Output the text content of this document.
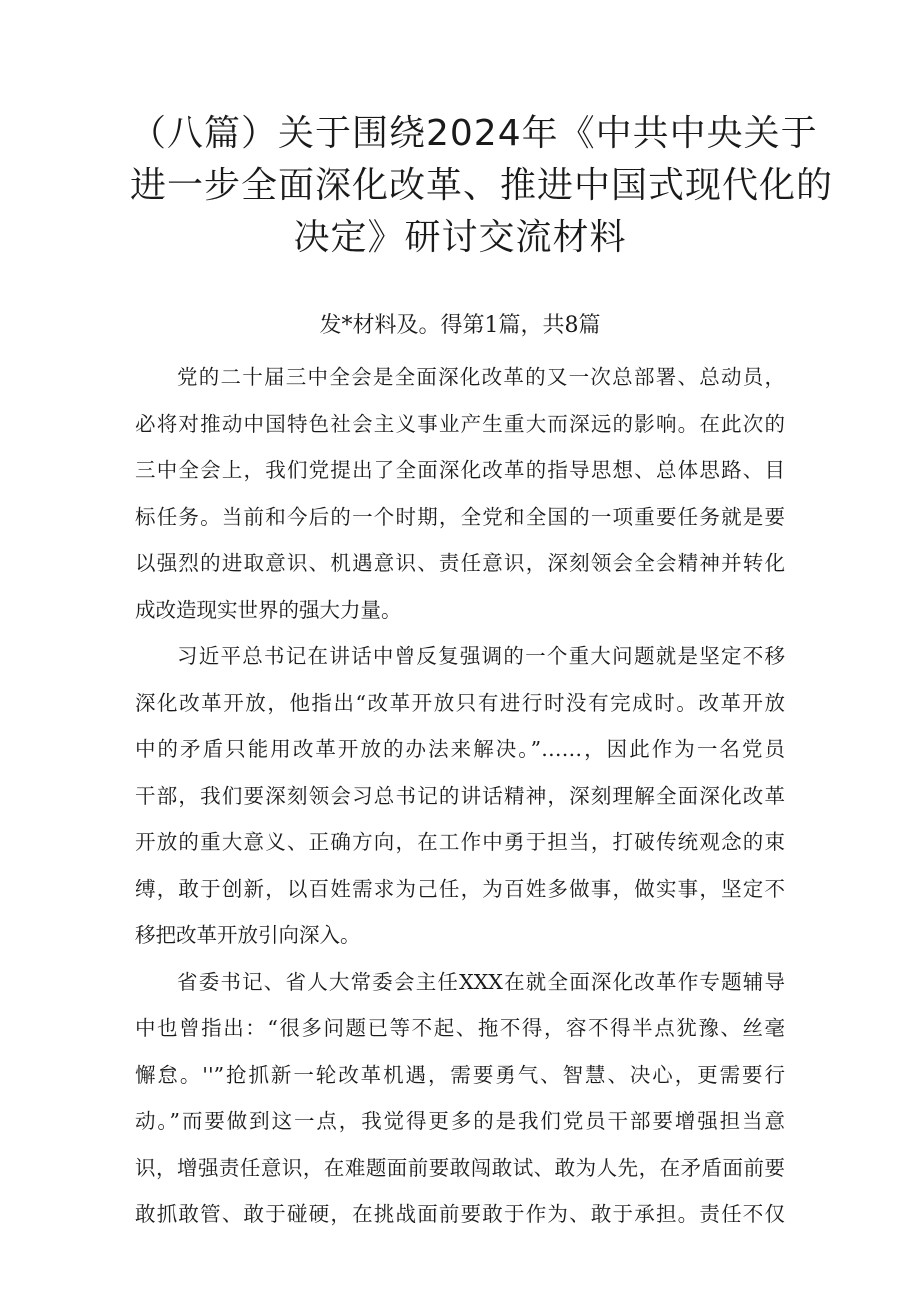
（八篇）关于围绕2024年《中共中央关于
进一步全面深化改革、推进中国式现代化的
决定》研讨交流材料
发*材料及。得第1篇，共8篇

党的二十届三中全会是全面深化改革的又一次总部署、总动员，
必将对推动中国特色社会主义事业产生重大而深远的影响。在此次的
三中全会上，我们党提出了全面深化改革的指导思想、总体思路、目
标任务。当前和今后的一个时期，全党和全国的一项重要任务就是要
以强烈的进取意识、机遇意识、责任意识，深刻领会全会精神并转化
成改造现实世界的强大力量。

习近平总书记在讲话中曾反复强调的一个重大问题就是坚定不移
深化改革开放，他指出“改革开放只有进行时没有完成时。改革开放
中的矛盾只能用改革开放的办法来解决。”……，因此作为一名党员
干部，我们要深刻领会习总书记的讲话精神，深刻理解全面深化改革
开放的重大意义、正确方向，在工作中勇于担当，打破传统观念的束
缚，敢于创新，以百姓需求为己任，为百姓多做事，做实事，坚定不
移把改革开放引向深入。

省委书记、省人大常委会主任XXX在就全面深化改革作专题辅导
中也曾指出：“很多问题已等不起、拖不得，容不得半点犹豫、丝毫
懈怠。''”抢抓新一轮改革机遇，需要勇气、智慧、决心，更需要行
动。”而要做到这一点，我觉得更多的是我们党员干部要增强担当意
识，增强责任意识，在难题面前要敢闯敢试、敢为人先，在矛盾面前要
敢抓敢管、敢于碰硬，在挑战面前要敢于作为、敢于承担。责任不仅
